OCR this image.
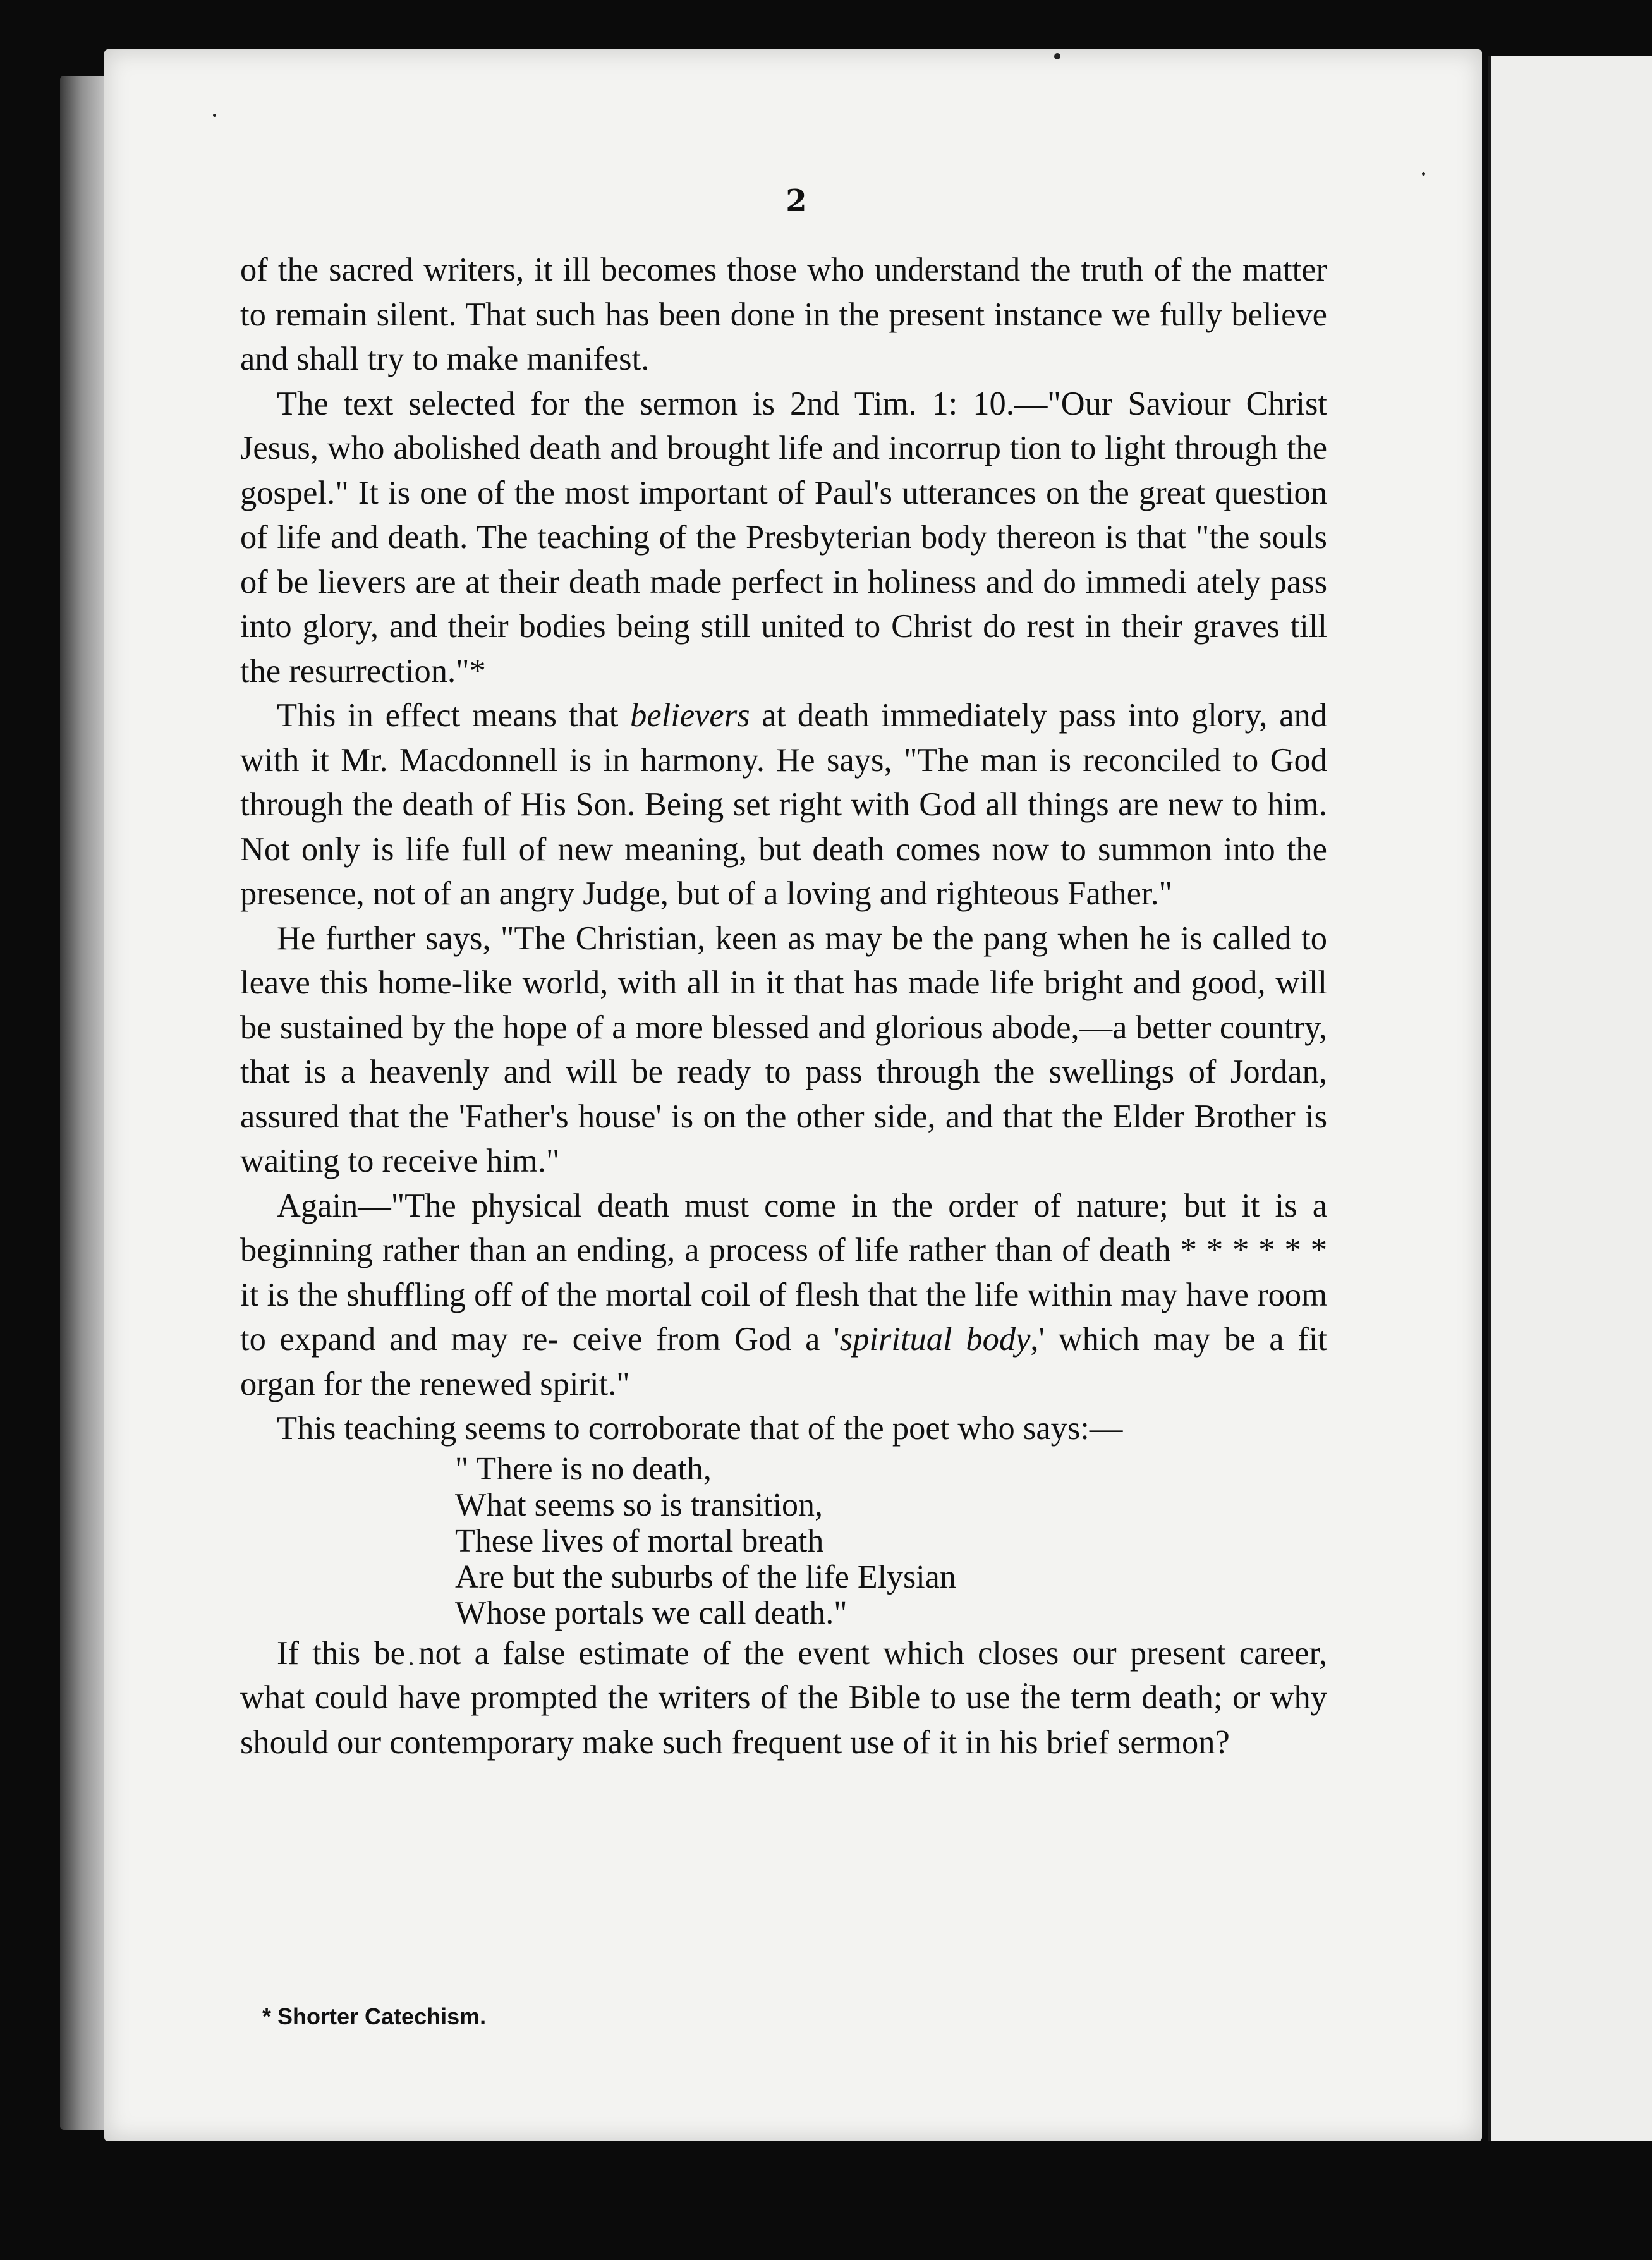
2

of the sacred writers, it ill becomes those who understand the truth of the matter to remain silent. That such has been done in the present instance we fully believe and shall try to make manifest.

The text selected for the sermon is 2nd Tim. 1: 10.—"Our Saviour Christ Jesus, who abolished death and brought life and incorrup tion to light through the gospel." It is one of the most important of Paul's utterances on the great question of life and death. The teaching of the Presbyterian body thereon is that "the souls of be lievers are at their death made perfect in holiness and do immedi ately pass into glory, and their bodies being still united to Christ do rest in their graves till the resurrection."*

This in effect means that believers at death immediately pass into glory, and with it Mr. Macdonnell is in harmony. He says, "The man is reconciled to God through the death of His Son. Being set right with God all things are new to him. Not only is life full of new meaning, but death comes now to summon into the presence, not of an angry Judge, but of a loving and righteous Father."

He further says, "The Christian, keen as may be the pang when he is called to leave this home-like world, with all in it that has made life bright and good, will be sustained by the hope of a more blessed and glorious abode,—a better country, that is a heavenly and will be ready to pass through the swellings of Jordan, assured that the 'Father's house' is on the other side, and that the Elder Brother is waiting to receive him."

Again—"The physical death must come in the order of nature; but it is a beginning rather than an ending, a process of life rather than of death * * * * * * it is the shuffling off of the mortal coil of flesh that the life within may have room to expand and may re- ceive from God a 'spiritual body,' which may be a fit organ for the renewed spirit."

This teaching seems to corroborate that of the poet who says:—

" There is no death,
What seems so is transition,
These lives of mortal breath
Are but the suburbs of the life Elysian
Whose portals we call death."

If this be not a false estimate of the event which closes our present career, what could have prompted the writers of the Bible to use the term death; or why should our contemporary make such frequent use of it in his brief sermon?

* Shorter Catechism.
